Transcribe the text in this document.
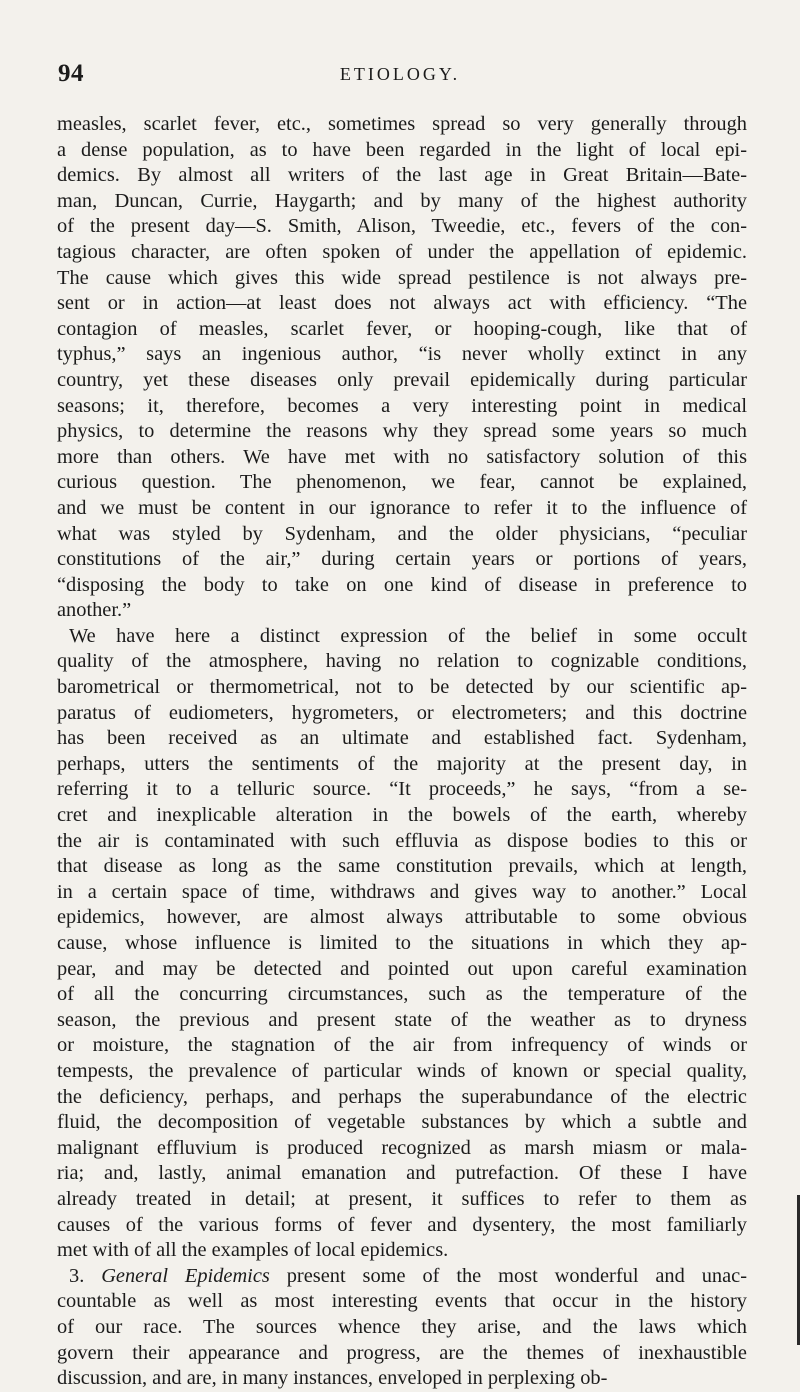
94	ETIOLOGY.
measles, scarlet fever, etc., sometimes spread so very generally through
a dense population, as to have been regarded in the light of local epi-
demics. By almost all writers of the last age in Great Britain—Bate-
man, Duncan, Currie, Haygarth; and by many of the highest authority
of the present day—S. Smith, Alison, Tweedie, etc., fevers of the con-
tagious character, are often spoken of under the appellation of epidemic.
The cause which gives this wide spread pestilence is not always pre-
sent or in action—at least does not always act with efficiency. “The
contagion of measles, scarlet fever, or hooping-cough, like that of
typhus,” says an ingenious author, “is never wholly extinct in any
country, yet these diseases only prevail epidemically during particular
seasons; it, therefore, becomes a very interesting point in medical
physics, to determine the reasons why they spread some years so much
more than others. We have met with no satisfactory solution of this
curious question. The phenomenon, we fear, cannot be explained,
and we must be content in our ignorance to refer it to the influence of
what was styled by Sydenham, and the older physicians, “peculiar
constitutions of the air,” during certain years or portions of years,
“disposing the body to take on one kind of disease in preference to
another.”
We have here a distinct expression of the belief in some occult
quality of the atmosphere, having no relation to cognizable conditions,
barometrical or thermometrical, not to be detected by our scientific ap-
paratus of eudiometers, hygrometers, or electrometers; and this doctrine
has been received as an ultimate and established fact. Sydenham,
perhaps, utters the sentiments of the majority at the present day, in
referring it to a telluric source. “It proceeds,” he says, “from a se-
cret and inexplicable alteration in the bowels of the earth, whereby
the air is contaminated with such effluvia as dispose bodies to this or
that disease as long as the same constitution prevails, which at length,
in a certain space of time, withdraws and gives way to another.” Local
epidemics, however, are almost always attributable to some obvious
cause, whose influence is limited to the situations in which they ap-
pear, and may be detected and pointed out upon careful examination
of all the concurring circumstances, such as the temperature of the
season, the previous and present state of the weather as to dryness
or moisture, the stagnation of the air from infrequency of winds or
tempests, the prevalence of particular winds of known or special quality,
the deficiency, perhaps, and perhaps the superabundance of the electric
fluid, the decomposition of vegetable substances by which a subtle and
malignant effluvium is produced recognized as marsh miasm or mala-
ria; and, lastly, animal emanation and putrefaction. Of these I have
already treated in detail; at present, it suffices to refer to them as
causes of the various forms of fever and dysentery, the most familiarly
met with of all the examples of local epidemics.
3. General Epidemics present some of the most wonderful and unac-
countable as well as most interesting events that occur in the history
of our race. The sources whence they arise, and the laws which
govern their appearance and progress, are the themes of inexhaustible
discussion, and are, in many instances, enveloped in perplexing ob-
